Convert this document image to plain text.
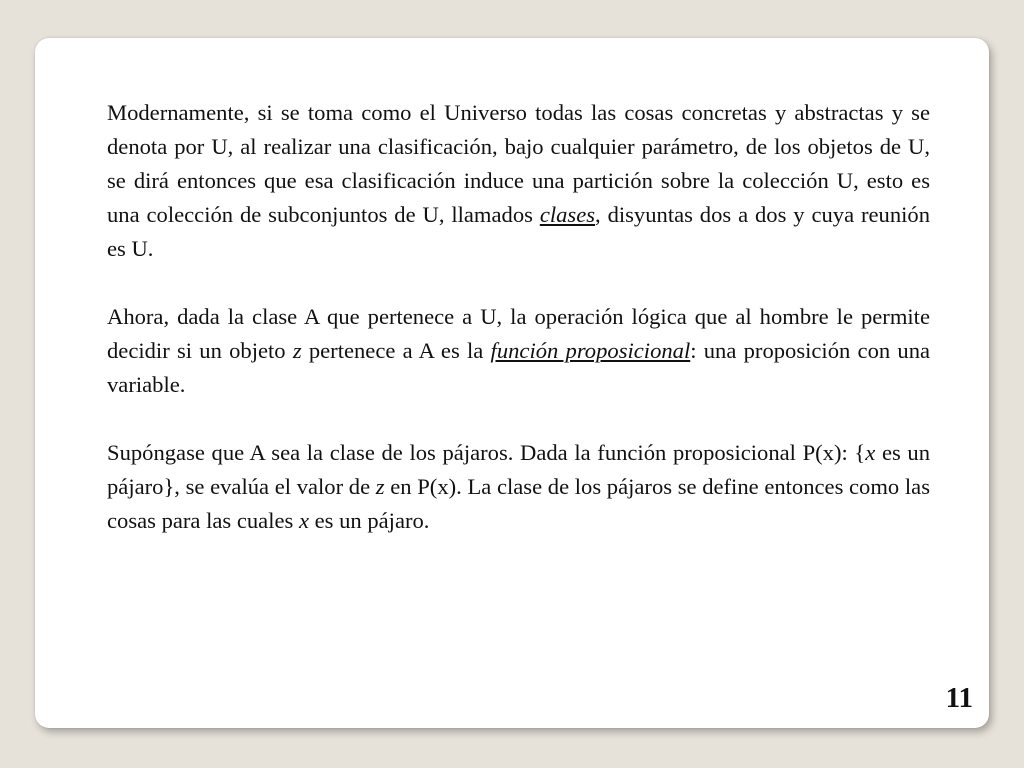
Modernamente, si se toma como el Universo todas las cosas concretas y abstractas y se denota por U, al realizar una clasificación, bajo cualquier parámetro, de los objetos de U, se dirá entonces que esa clasificación induce una partición sobre la colección U, esto es una colección de subconjuntos de U, llamados clases, disyuntas dos a dos y cuya reunión es U.

Ahora, dada la clase A que pertenece a U, la operación lógica que al hombre le permite decidir si un objeto z pertenece a A es la función proposicional: una proposición con una variable.

Supóngase que A sea la clase de los pájaros. Dada la función proposicional P(x): {x es un pájaro}, se evalúa el valor de z en P(x). La clase de los pájaros se define entonces como las cosas para las cuales x es un pájaro.

11
